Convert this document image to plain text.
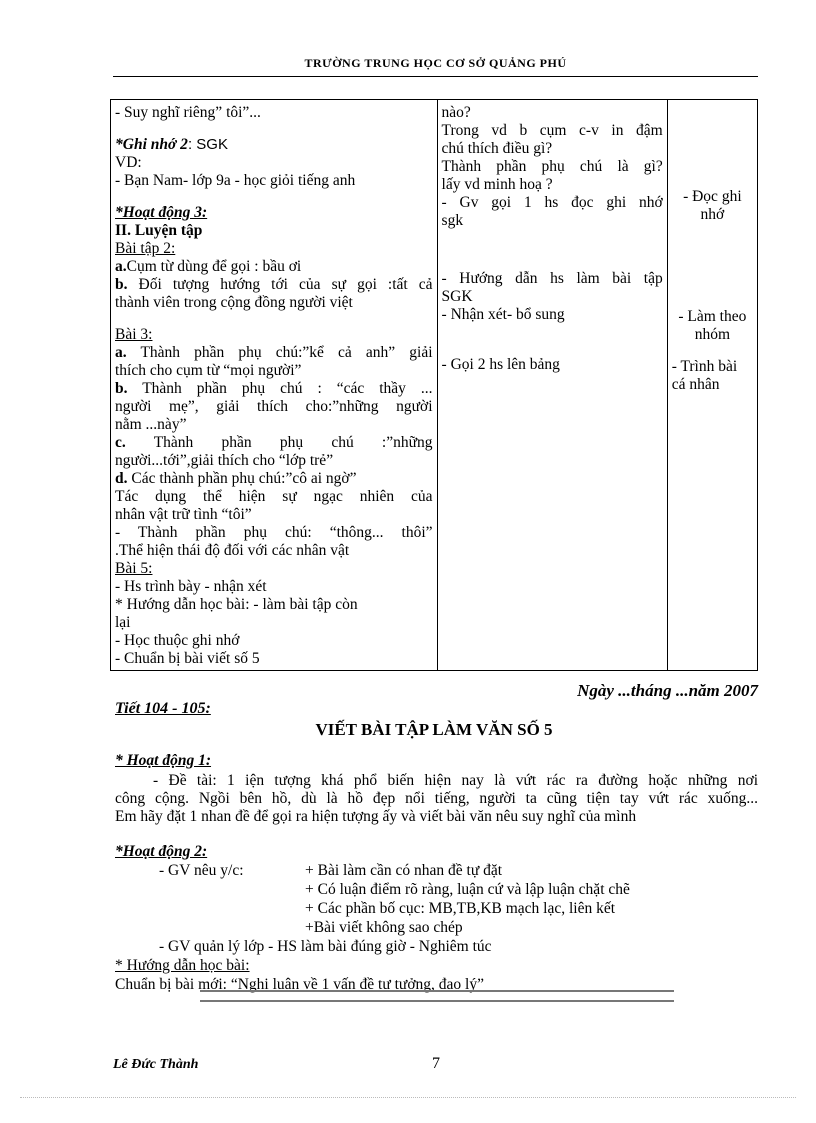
TRƯỜNG TRUNG HỌC CƠ SỞ QUẢNG PHÚ
- Suy nghĩ riêng” tôi”...
*Ghi nhớ 2: SGK
VD:
- Bạn Nam- lớp 9a - học giỏi tiếng anh
*Hoạt động 3:
II. Luyện tập
Bài tập 2:
a.Cụm từ dùng để gọi : bầu ơi
b. Đối tượng hướng tới của sự gọi :tất cả
thành viên trong cộng đồng người việt
Bài 3:
a. Thành phần phụ chú:”kể cả anh” giải
thích cho cụm từ “mọi người”
b. Thành phần phụ chú : “các thầy ...
người mẹ”, giải thích cho:”những người
nằm ...này”
c. Thành phần phụ chú :”những
người...tới”,giải thích cho “lớp trẻ”
d. Các thành phần phụ chú:”cô ai ngờ”
Tác dụng thể hiện sự ngạc nhiên của
nhân vật trữ tình “tôi”
- Thành phần phụ chú: “thông... thôi”
.Thể hiện thái độ đối với các nhân vật
Bài 5:
- Hs trình bày - nhận xét
* Hướng dẫn học bài: - làm bài tập còn
lại
- Học thuộc ghi nhớ
- Chuẩn bị bài viết số 5

nào?
Trong vd b cụm c-v in đậm
chú thích điều gì?
Thành phần phụ chú là gì?
lấy vd minh hoạ ?
- Gv gọi 1 hs đọc ghi nhớ
sgk
- Hướng dẫn hs làm bài tập
SGK
- Nhận xét- bổ sung
- Gọi 2 hs lên bảng

- Đọc ghi
nhớ
- Làm theo
nhóm
- Trình bài
cá nhân
Ngày ...tháng ...năm 2007
Tiết 104 - 105:
VIẾT BÀI TẬP LÀM VĂN SỐ 5
* Hoạt động 1:

- Đề tài: 1 iện tượng khá phổ biến hiện nay là vứt rác ra đường hoặc những nơi

công cộng. Ngồi bên hồ, dù là hồ đẹp nổi tiếng, người ta cũng tiện tay vứt rác xuống...

Em hãy đặt 1 nhan đề để gọi ra hiện tượng ấy và viết bài văn nêu suy nghĩ của mình

*Hoạt động 2:
- GV nêu y/c:	+ Bài làm cần có nhan đề tự đặt
+ Có luận điểm rõ ràng, luận cứ và lập luận chặt chẽ
+ Các phần bố cục: MB,TB,KB mạch lạc, liên kết
+Bài viết không sao chép
- GV quản lý lớp - HS làm bài đúng giờ - Nghiêm túc
* Hướng dẫn học bài:
Chuẩn bị bài mới: “Nghị luận về 1 vấn đề tư tưởng, đạo lý”
Lê Đức Thành	7
